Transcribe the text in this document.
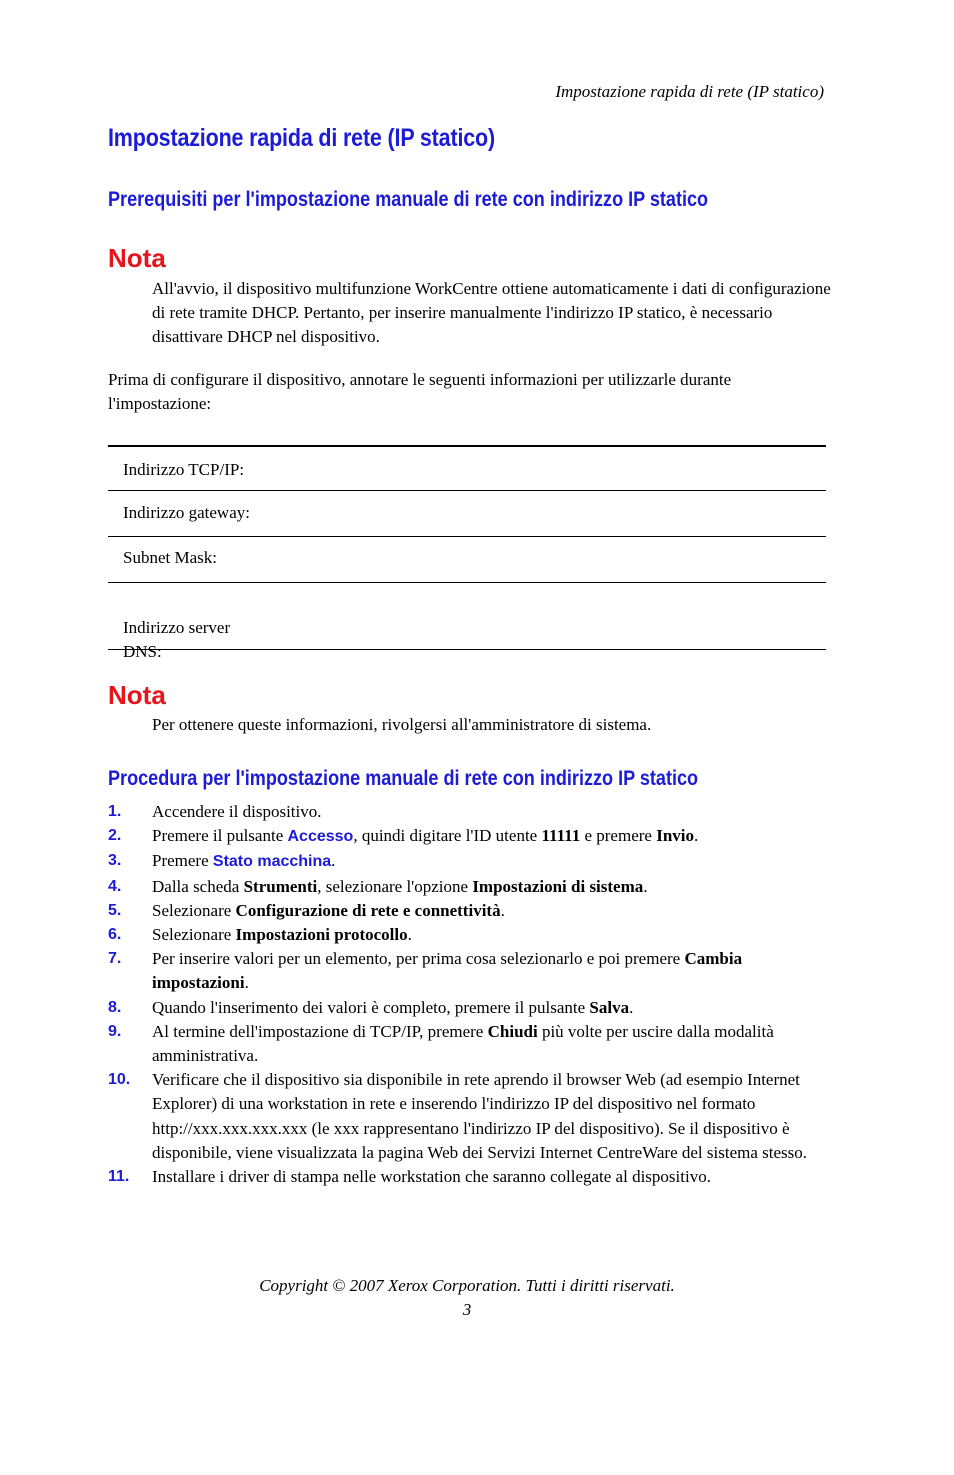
Impostazione rapida di rete (IP statico)
Impostazione rapida di rete (IP statico)
Prerequisiti per l'impostazione manuale di rete con indirizzo IP statico
Nota
All'avvio, il dispositivo multifunzione WorkCentre ottiene automaticamente i dati di configurazione di rete tramite DHCP. Pertanto, per inserire manualmente l'indirizzo IP statico, è necessario disattivare DHCP nel dispositivo.
Prima di configurare il dispositivo, annotare le seguenti informazioni per utilizzarle durante l'impostazione:
Indirizzo TCP/IP:
Indirizzo gateway:
Subnet Mask:

Indirizzo server
DNS:

Nota
Per ottenere queste informazioni, rivolgersi all'amministratore di sistema.
Procedura per l'impostazione manuale di rete con indirizzo IP statico
1. Accendere il dispositivo.
2. Premere il pulsante Accesso, quindi digitare l'ID utente 11111 e premere Invio.
3. Premere Stato macchina.
4. Dalla scheda Strumenti, selezionare l'opzione Impostazioni di sistema.
5. Selezionare Configurazione di rete e connettività.
6. Selezionare Impostazioni protocollo.
7. Per inserire valori per un elemento, per prima cosa selezionarlo e poi premere Cambia impostazioni.
8. Quando l'inserimento dei valori è completo, premere il pulsante Salva.
9. Al termine dell'impostazione di TCP/IP, premere Chiudi più volte per uscire dalla modalità amministrativa.
10. Verificare che il dispositivo sia disponibile in rete aprendo il browser Web (ad esempio Internet Explorer) di una workstation in rete e inserendo l'indirizzo IP del dispositivo nel formato http://xxx.xxx.xxx.xxx (le xxx rappresentano l'indirizzo IP del dispositivo). Se il dispositivo è disponibile, viene visualizzata la pagina Web dei Servizi Internet CentreWare del sistema stesso.
11. Installare i driver di stampa nelle workstation che saranno collegate al dispositivo.
Copyright © 2007 Xerox Corporation. Tutti i diritti riservati.
3
